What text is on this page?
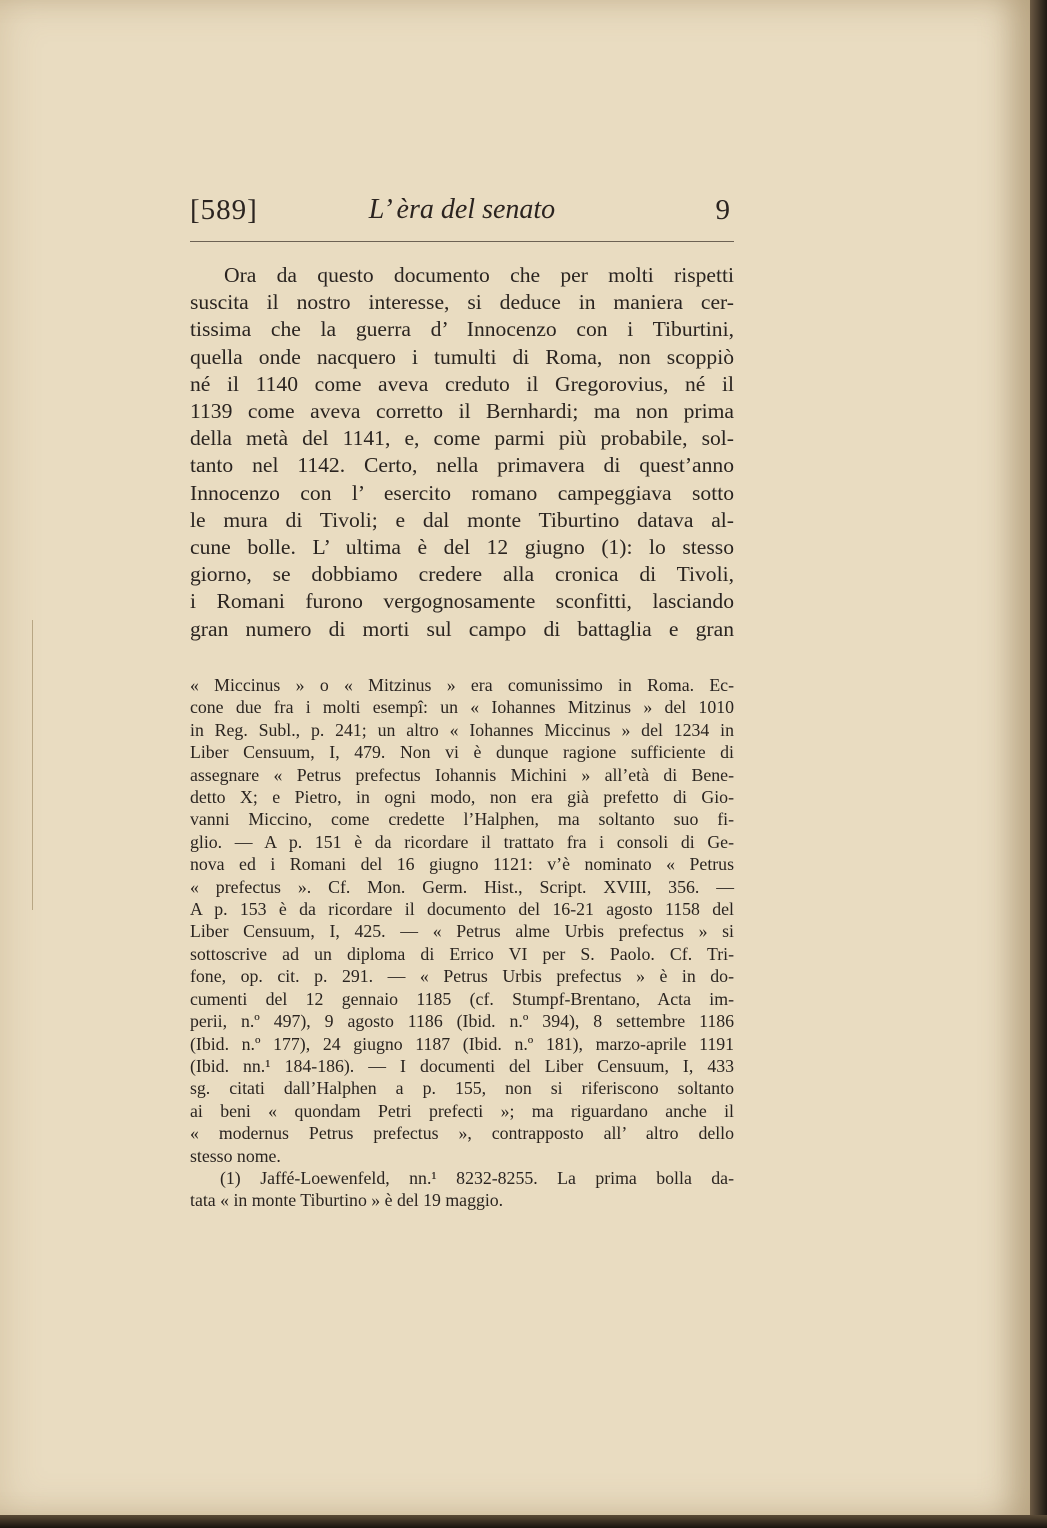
[589]	L’ èra del senato	9
Ora da questo documento che per molti rispetti
suscita il nostro interesse, si deduce in maniera cer-
tissima che la guerra d’ Innocenzo con i Tiburtini,
quella onde nacquero i tumulti di Roma, non scoppiò
né il 1140 come aveva creduto il Gregorovius, né il
1139 come aveva corretto il Bernhardi; ma non prima
della metà del 1141, e, come parmi più probabile, sol-
tanto nel 1142. Certo, nella primavera di quest’anno
Innocenzo con l’ esercito romano campeggiava sotto
le mura di Tivoli; e dal monte Tiburtino datava al-
cune bolle. L’ ultima è del 12 giugno (1): lo stesso
giorno, se dobbiamo credere alla cronica di Tivoli,
i Romani furono vergognosamente sconfitti, lasciando
gran numero di morti sul campo di battaglia e gran
« Miccinus » o « Mitzinus » era comunissimo in Roma. Ec-
cone due fra i molti esempî: un « Iohannes Mitzinus » del 1010
in Reg. Subl., p. 241; un altro « Iohannes Miccinus » del 1234 in
Liber Censuum, I, 479. Non vi è dunque ragione sufficiente di
assegnare « Petrus prefectus Iohannis Michini » all’età di Bene-
detto X; e Pietro, in ogni modo, non era già prefetto di Gio-
vanni Miccino, come credette l’Halphen, ma soltanto suo fi-
glio. — A p. 151 è da ricordare il trattato fra i consoli di Ge-
nova ed i Romani del 16 giugno 1121: v’è nominato « Petrus
« prefectus ». Cf. Mon. Germ. Hist., Script. XVIII, 356. —
A p. 153 è da ricordare il documento del 16-21 agosto 1158 del
Liber Censuum, I, 425. — « Petrus alme Urbis prefectus » si
sottoscrive ad un diploma di Errico VI per S. Paolo. Cf. Tri-
fone, op. cit. p. 291. — « Petrus Urbis prefectus » è in do-
cumenti del 12 gennaio 1185 (cf. Stumpf-Brentano, Acta im-
perii, n.º 497), 9 agosto 1186 (Ibid. n.º 394), 8 settembre 1186
(Ibid. n.º 177), 24 giugno 1187 (Ibid. n.º 181), marzo-aprile 1191
(Ibid. nn.¹ 184-186). — I documenti del Liber Censuum, I, 433
sg. citati dall’Halphen a p. 155, non si riferiscono soltanto
ai beni « quondam Petri prefecti »; ma riguardano anche il
« modernus Petrus prefectus », contrapposto all’ altro dello
stesso nome.
(1) Jaffé-Loewenfeld, nn.¹ 8232-8255. La prima bolla da-
tata « in monte Tiburtino » è del 19 maggio.
